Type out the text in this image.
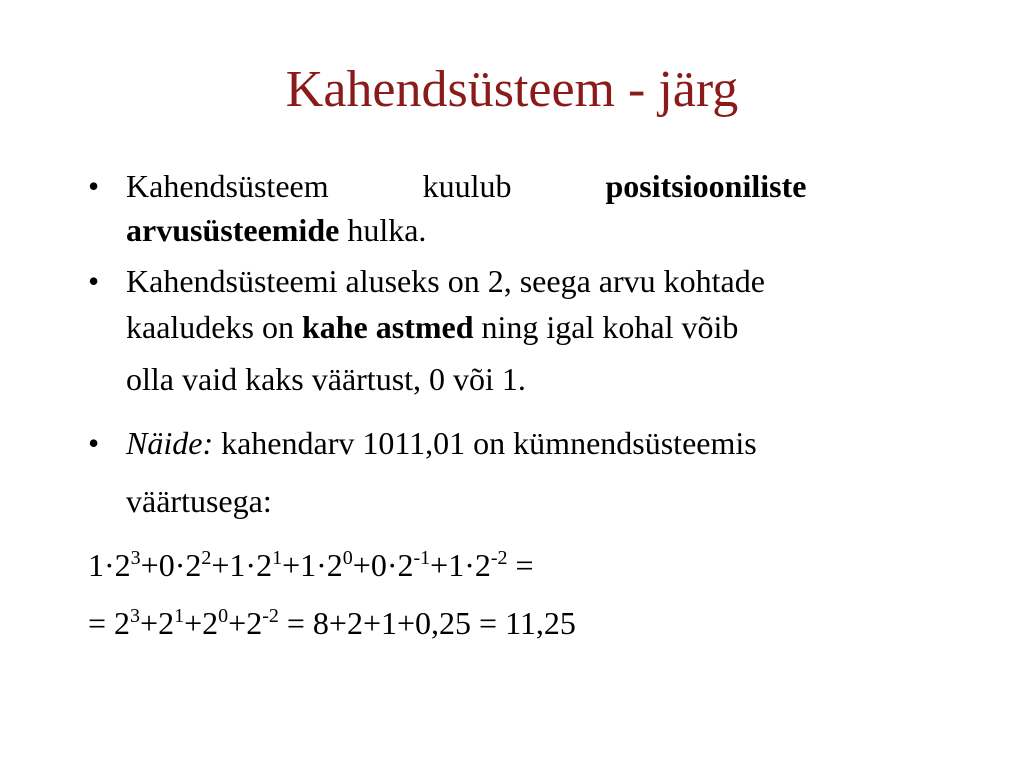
Kahendsüsteem - järg
• Kahendsüsteem	kuulub	positsiooniliste
arvusüsteemide hulka.
• Kahendsüsteemi aluseks on 2, seega arvu kohtade
kaaludeks on kahe astmed ning igal kohal võib
olla vaid kaks väärtust, 0 või 1.
• Näide: kahendarv 1011,01 on kümnendsüsteemis
väärtusega:
$1\cdot 2^3+0\cdot 2^2+1\cdot 2^1+1\cdot 2^0+0\cdot 2^{-1}+1\cdot 2^{-2}$ =
= $2^3+2^1+2^0+2^{-2} = 8+2+1+0,25 = 11,25$
